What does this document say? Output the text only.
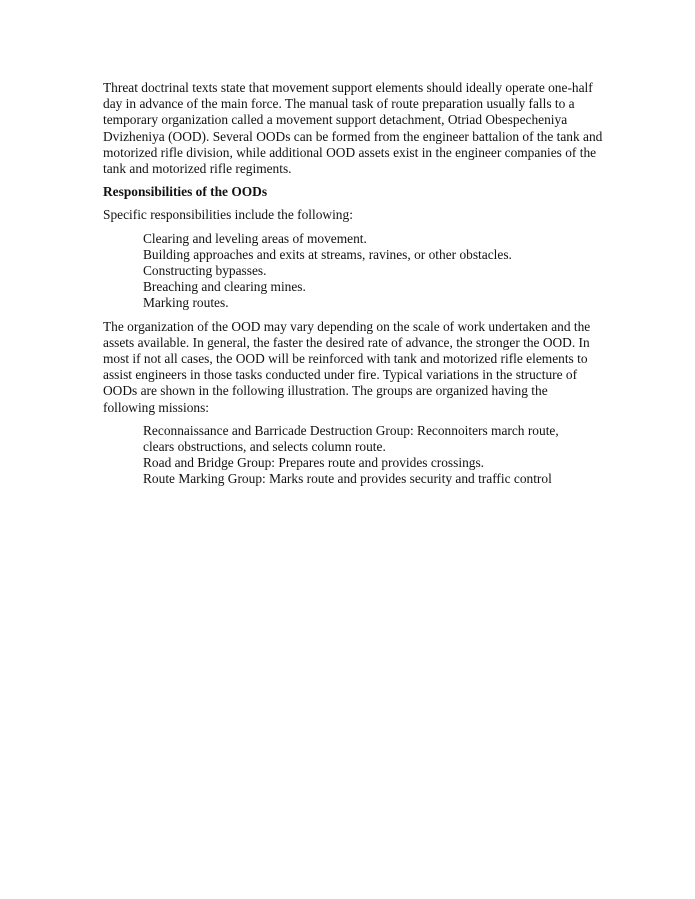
Threat doctrinal texts state that movement support elements should ideally operate one-half day in advance of the main force. The manual task of route preparation usually falls to a temporary organization called a movement support detachment, Otriad Obespecheniya Dvizheniya (OOD). Several OODs can be formed from the engineer battalion of the tank and motorized rifle division, while additional OOD assets exist in the engineer companies of the tank and motorized rifle regiments.

Responsibilities of the OODs

Specific responsibilities include the following:

Clearing and leveling areas of movement.
Building approaches and exits at streams, ravines, or other obstacles.
Constructing bypasses.
Breaching and clearing mines.
Marking routes.

The organization of the OOD may vary depending on the scale of work undertaken and the assets available. In general, the faster the desired rate of advance, the stronger the OOD. In most if not all cases, the OOD will be reinforced with tank and motorized rifle elements to assist engineers in those tasks conducted under fire. Typical variations in the structure of OODs are shown in the following illustration. The groups are organized having the following missions:

Reconnaissance and Barricade Destruction Group: Reconnoiters march route, clears obstructions, and selects column route.
Road and Bridge Group: Prepares route and provides crossings.
Route Marking Group: Marks route and provides security and traffic control
